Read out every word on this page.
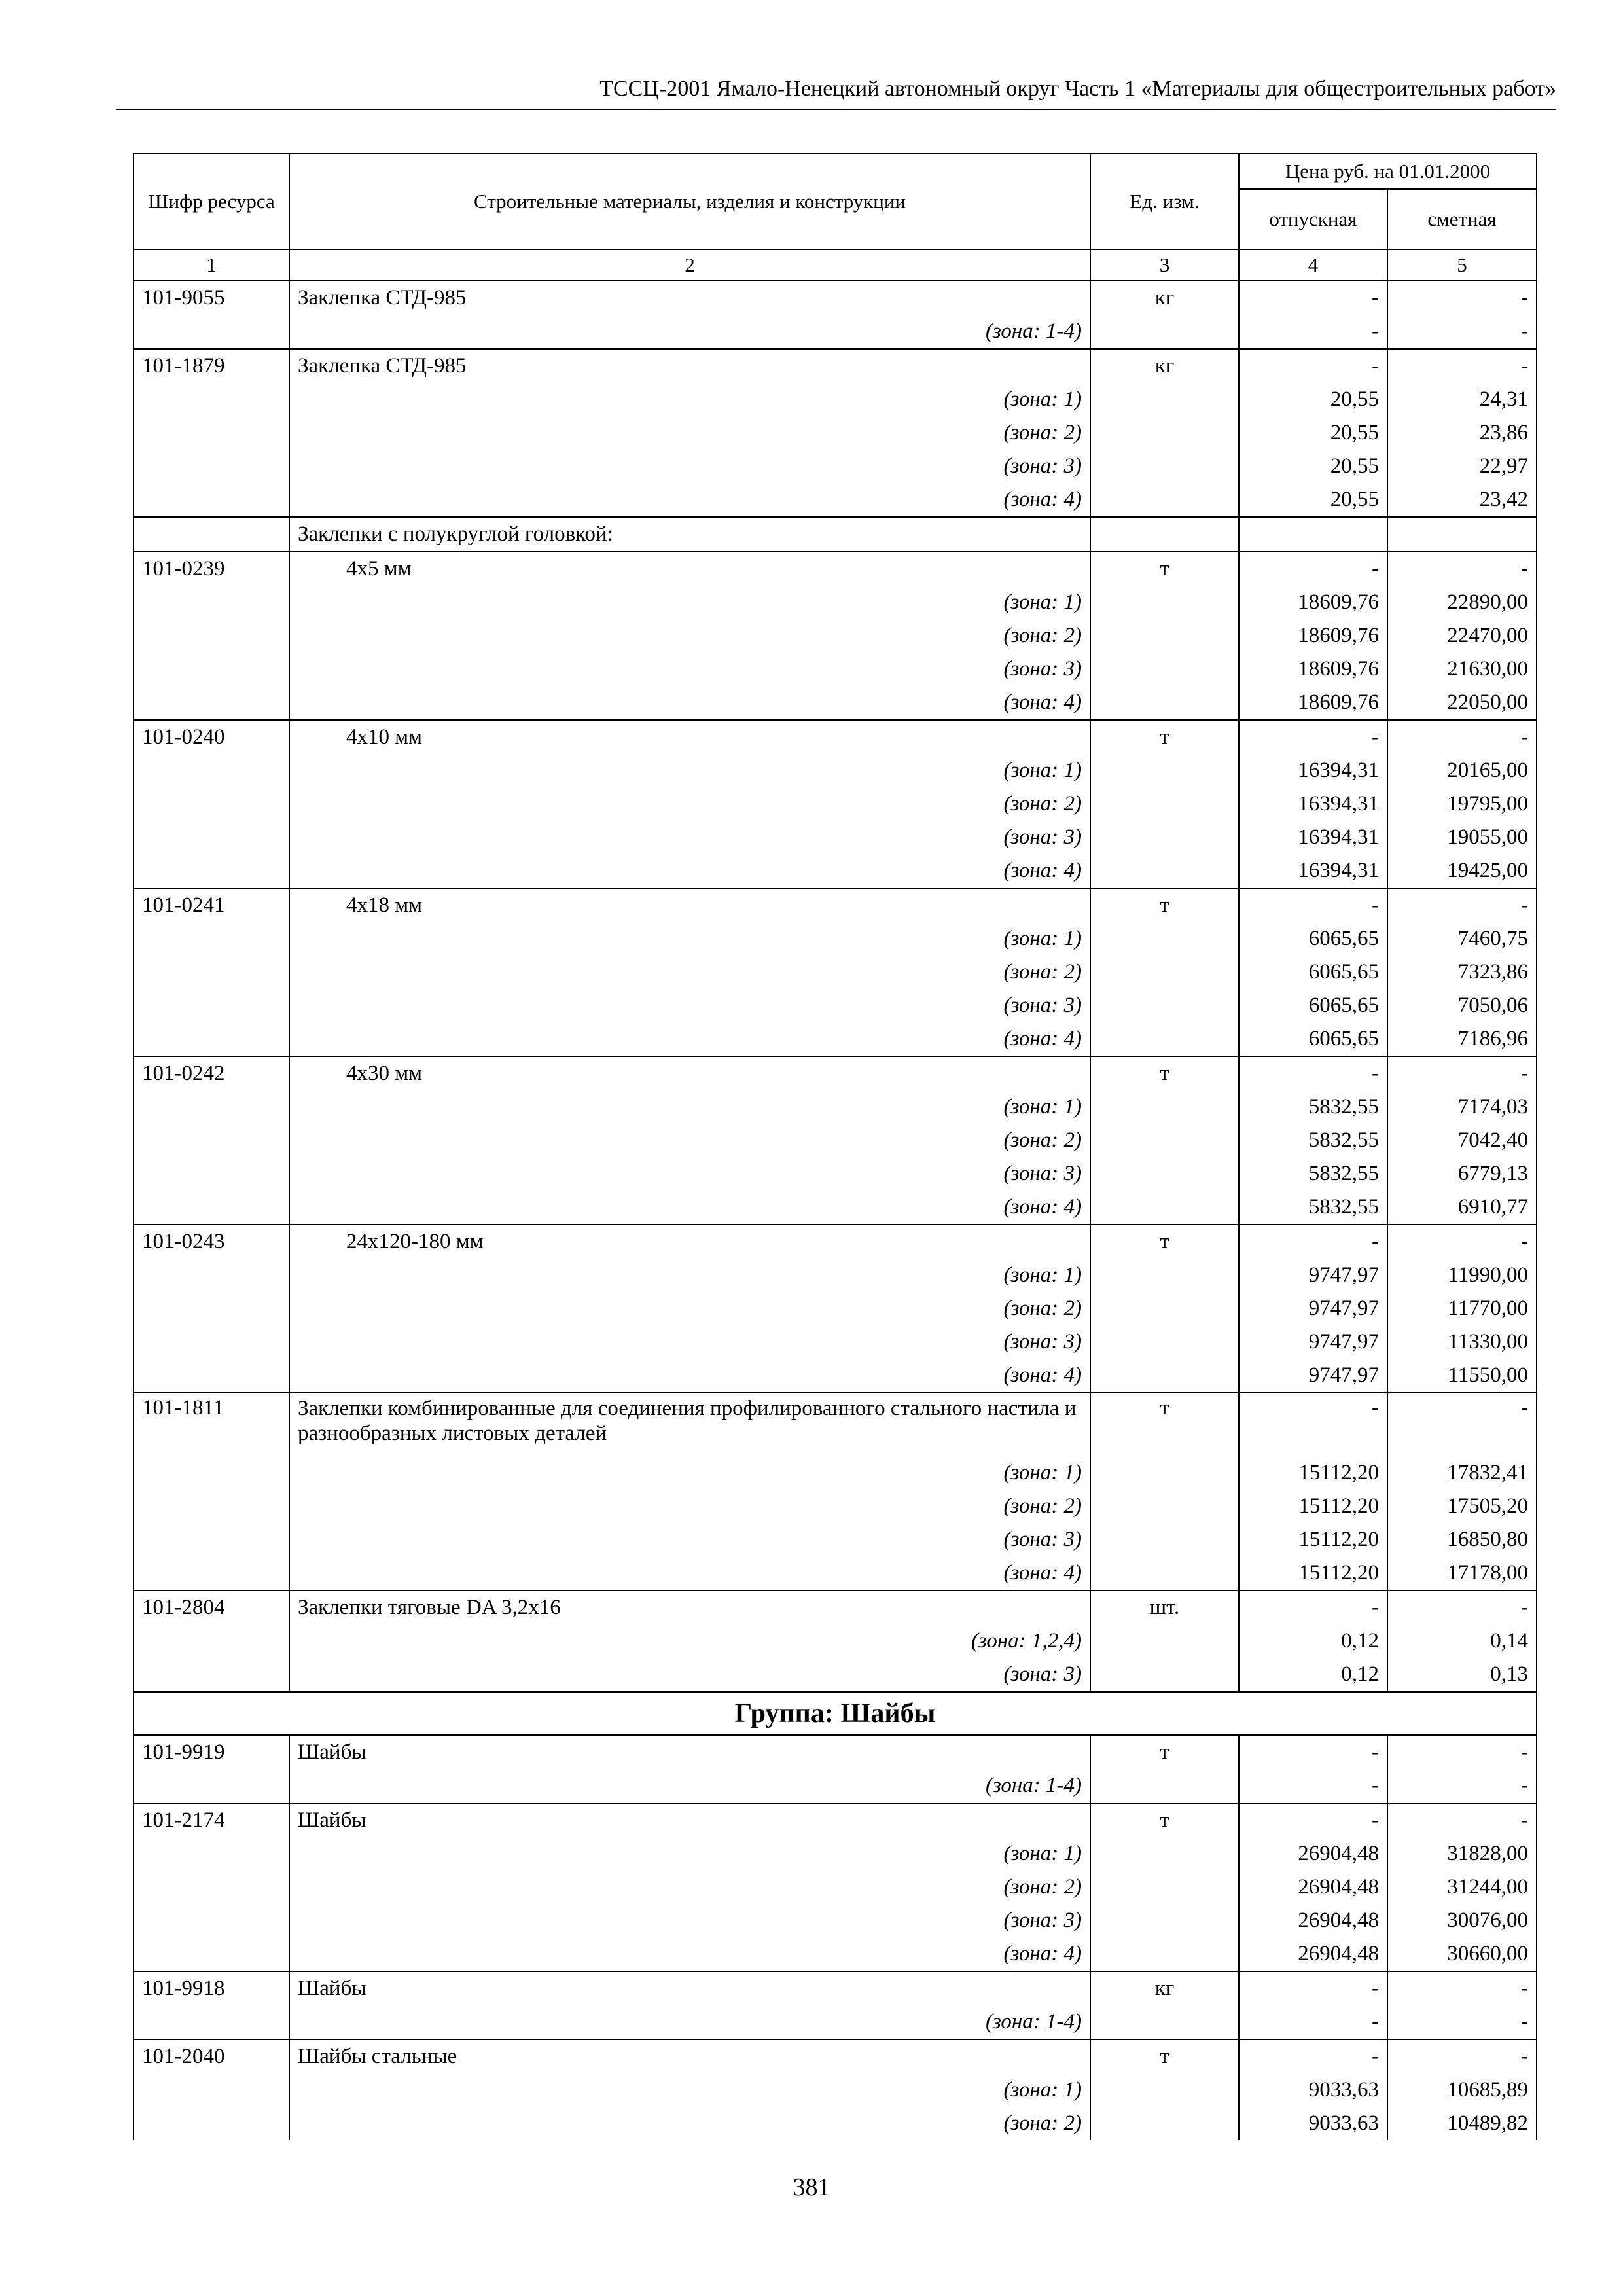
ТССЦ-2001 Ямало-Ненецкий автономный округ Часть 1 «Материалы для общестроительных работ»
Шифр ресурса	Строительные материалы, изделия и конструкции	Ед. изм.	Цена руб. на 01.01.2000	
			отпускная	сметная
1	2	3	4	5
101-9055	Заклепка СТД-985	кг	-	-
	(зона: 1-4)		-	-
101-1879	Заклепка СТД-985	кг	-	-
	(зона: 1)		20,55	24,31
	(зона: 2)		20,55	23,86
	(зона: 3)		20,55	22,97
	(зона: 4)		20,55	23,42
	Заклепки с полукруглой головкой:			
101-0239	4х5 мм	т	-	-
	(зона: 1)		18609,76	22890,00
	(зона: 2)		18609,76	22470,00
	(зона: 3)		18609,76	21630,00
	(зона: 4)		18609,76	22050,00
101-0240	4х10 мм	т	-	-
	(зона: 1)		16394,31	20165,00
	(зона: 2)		16394,31	19795,00
	(зона: 3)		16394,31	19055,00
	(зона: 4)		16394,31	19425,00
101-0241	4х18 мм	т	-	-
	(зона: 1)		6065,65	7460,75
	(зона: 2)		6065,65	7323,86
	(зона: 3)		6065,65	7050,06
	(зона: 4)		6065,65	7186,96
101-0242	4х30 мм	т	-	-
	(зона: 1)		5832,55	7174,03
	(зона: 2)		5832,55	7042,40
	(зона: 3)		5832,55	6779,13
	(зона: 4)		5832,55	6910,77
101-0243	24х120-180 мм	т	-	-
	(зона: 1)		9747,97	11990,00
	(зона: 2)		9747,97	11770,00
	(зона: 3)		9747,97	11330,00
	(зона: 4)		9747,97	11550,00
101-1811	Заклепки комбинированные для соединения профилированного стального настила и разнообразных листовых деталей	т	-	-
	(зона: 1)		15112,20	17832,41
	(зона: 2)		15112,20	17505,20
	(зона: 3)		15112,20	16850,80
	(зона: 4)		15112,20	17178,00
101-2804	Заклепки тяговые DA 3,2х16	шт.	-	-
	(зона: 1,2,4)		0,12	0,14
	(зона: 3)		0,12	0,13
Группа: Шайбы				
101-9919	Шайбы	т	-	-
	(зона: 1-4)		-	-
101-2174	Шайбы	т	-	-
	(зона: 1)		26904,48	31828,00
	(зона: 2)		26904,48	31244,00
	(зона: 3)		26904,48	30076,00
	(зона: 4)		26904,48	30660,00
101-9918	Шайбы	кг	-	-
	(зона: 1-4)		-	-
101-2040	Шайбы стальные	т	-	-
	(зона: 1)		9033,63	10685,89
	(зона: 2)		9033,63	10489,82
381
